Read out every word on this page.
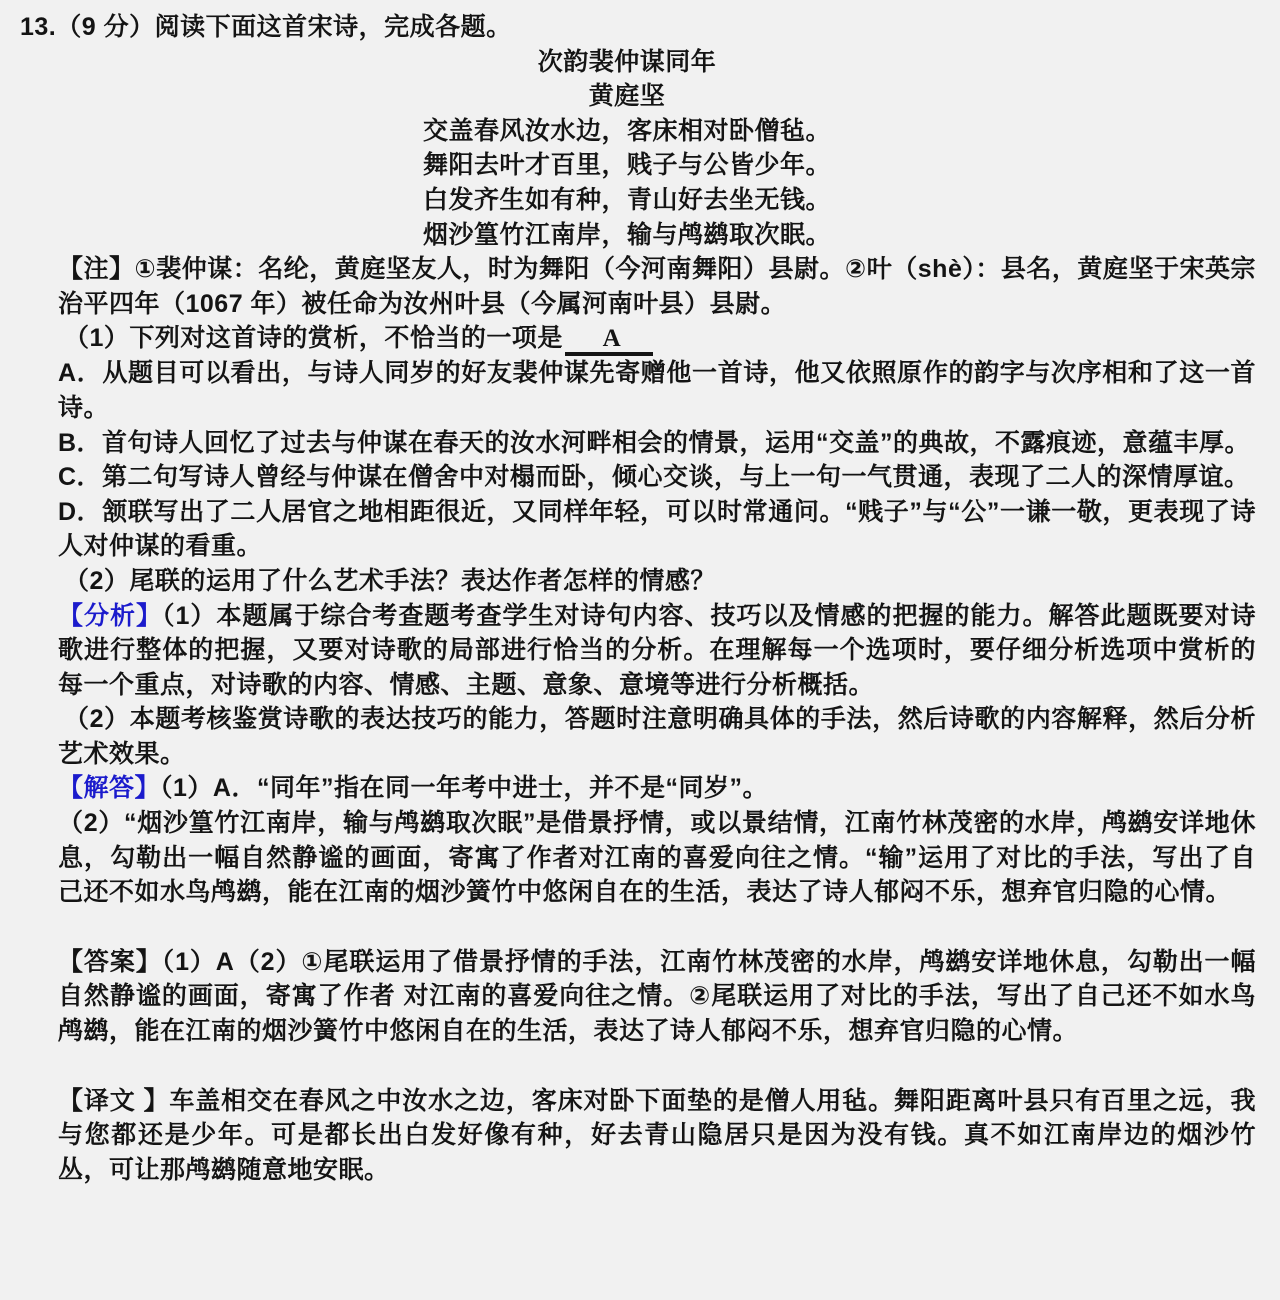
13.（9 分）阅读下面这首宋诗，完成各题。

次韵裴仲谋同年

黄庭坚

交盖春风汝水边，客床相对卧僧毡。

舞阳去叶才百里，贱子与公皆少年。

白发齐生如有种，青山好去坐无钱。

烟沙篁竹江南岸，输与鸬鹚取次眠。

【注】①裴仲谋：名纶，黄庭坚友人，时为舞阳（今河南舞阳）县尉。②叶（shè）：县名，黄庭坚于宋英宗治平四年（1067 年）被任命为汝州叶县（今属河南叶县）县尉。

（1）下列对这首诗的赏析，不恰当的一项是 A

A．从题目可以看出，与诗人同岁的好友裴仲谋先寄赠他一首诗，他又依照原作的韵字与次序相和了这一首诗。

B．首句诗人回忆了过去与仲谋在春天的汝水河畔相会的情景，运用“交盖”的典故，不露痕迹，意蕴丰厚。

C．第二句写诗人曾经与仲谋在僧舍中对榻而卧，倾心交谈，与上一句一气贯通，表现了二人的深情厚谊。

D．颔联写出了二人居官之地相距很近，又同样年轻，可以时常通问。“贱子”与“公”一谦一敬，更表现了诗人对仲谋的看重。

（2）尾联的运用了什么艺术手法？表达作者怎样的情感？

【分析】（1）本题属于综合考查题考查学生对诗句内容、技巧以及情感的把握的能力。解答此题既要对诗歌进行整体的把握，又要对诗歌的局部进行恰当的分析。在理解每一个选项时，要仔细分析选项中赏析的每一个重点，对诗歌的内容、情感、主题、意象、意境等进行分析概括。

（2）本题考核鉴赏诗歌的表达技巧的能力，答题时注意明确具体的手法，然后诗歌的内容解释，然后分析艺术效果。

【解答】（1）A．“同年”指在同一年考中进士，并不是“同岁”。

（2）“烟沙篁竹江南岸，输与鸬鹚取次眠”是借景抒情，或以景结情，江南竹林茂密的水岸，鸬鹚安详地休息，勾勒出一幅自然静谧的画面，寄寓了作者对江南的喜爱向往之情。“输”运用了对比的手法，写出了自己还不如水鸟鸬鹚，能在江南的烟沙簧竹中悠闲自在的生活，表达了诗人郁闷不乐，想弃官归隐的心情。

【答案】（1）A（2）①尾联运用了借景抒情的手法，江南竹林茂密的水岸，鸬鹚安详地休息，勾勒出一幅自然静谧的画面，寄寓了作者 对江南的喜爱向往之情。②尾联运用了对比的手法，写出了自己还不如水鸟鸬鹚，能在江南的烟沙簧竹中悠闲自在的生活，表达了诗人郁闷不乐，想弃官归隐的心情。

【译文 】车盖相交在春风之中汝水之边，客床对卧下面垫的是僧人用毡。舞阳距离叶县只有百里之远，我与您都还是少年。可是都长出白发好像有种，好去青山隐居只是因为没有钱。真不如江南岸边的烟沙竹丛，可让那鸬鹚随意地安眠。
